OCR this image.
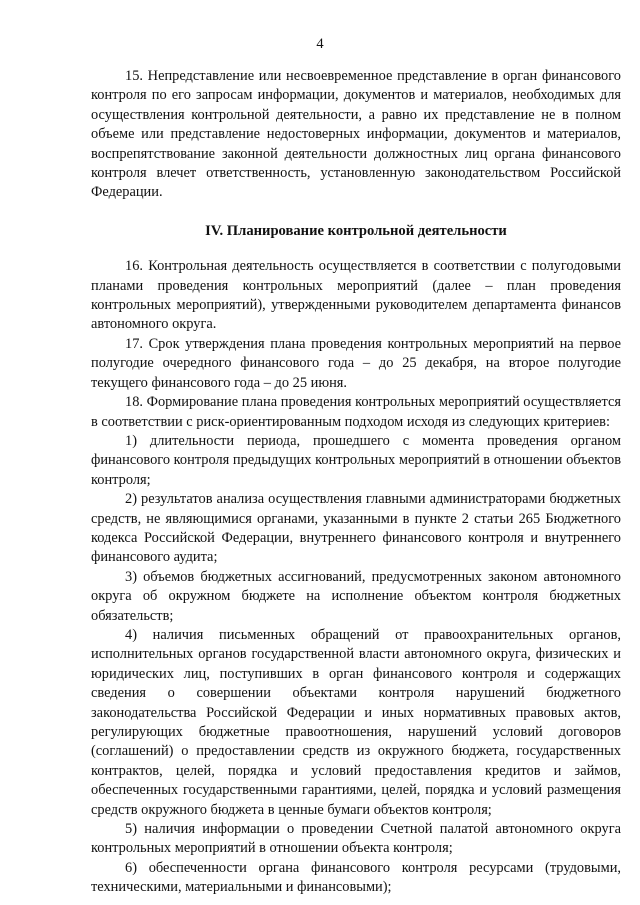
4

15. Непредставление или несвоевременное представление в орган финансового контроля по его запросам информации, документов и материалов, необходимых для осуществления контрольной деятельности, а равно их представление не в полном объеме или представление недостоверных информации, документов и материалов, воспрепятствование законной деятельности должностных лиц органа финансового контроля влечет ответственность, установленную законодательством Российской Федерации.

IV. Планирование контрольной деятельности

16. Контрольная деятельность осуществляется в соответствии с полугодовыми планами проведения контрольных мероприятий (далее – план проведения контрольных мероприятий), утвержденными руководителем департамента финансов автономного округа.

17. Срок утверждения плана проведения контрольных мероприятий на первое полугодие очередного финансового года – до 25 декабря, на второе полугодие текущего финансового года – до 25 июня.

18. Формирование плана проведения контрольных мероприятий осуществляется в соответствии с риск-ориентированным подходом исходя из следующих критериев:

1) длительности периода, прошедшего с момента проведения органом финансового контроля предыдущих контрольных мероприятий в отношении объектов контроля;

2) результатов анализа осуществления главными администраторами бюджетных средств, не являющимися органами, указанными в пункте 2 статьи 265 Бюджетного кодекса Российской Федерации, внутреннего финансового контроля и внутреннего финансового аудита;

3) объемов бюджетных ассигнований, предусмотренных законом автономного округа об окружном бюджете на исполнение объектом контроля бюджетных обязательств;

4) наличия письменных обращений от правоохранительных органов, исполнительных органов государственной власти автономного округа, физических и юридических лиц, поступивших в орган финансового контроля и содержащих сведения о совершении объектами контроля нарушений бюджетного законодательства Российской Федерации и иных нормативных правовых актов, регулирующих бюджетные правоотношения, нарушений условий договоров (соглашений) о предоставлении средств из окружного бюджета, государственных контрактов, целей, порядка и условий предоставления кредитов и займов, обеспеченных государственными гарантиями, целей, порядка и условий размещения средств окружного бюджета в ценные бумаги объектов контроля;

5) наличия информации о проведении Счетной палатой автономного округа контрольных мероприятий в отношении объекта контроля;

6) обеспеченности органа финансового контроля ресурсами (трудовыми, техническими, материальными и финансовыми);
